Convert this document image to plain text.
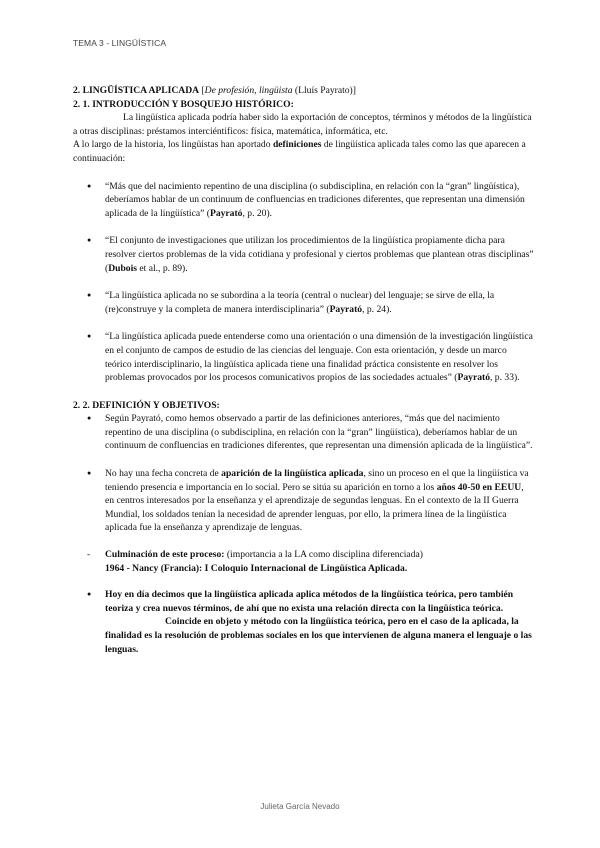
TEMA 3 - LINGÜÍSTICA

2. LINGÜÍSTICA APLICADA [De profesión, lingüista (Lluís Payrato)]

2. 1. INTRODUCCIÓN Y BOSQUEJO HISTÓRICO:

La lingüística aplicada podría haber sido la exportación de conceptos, términos y métodos de la lingüística a otras disciplinas: préstamos interciéntificos: física, matemática, informática, etc.

A lo largo de la historia, los lingüistas han aportado definiciones de lingüística aplicada tales como las que aparecen a continuación:

● “Más que del nacimiento repentino de una disciplina (o subdisciplina, en relación con la “gran” lingüística), deberíamos hablar de un continuum de confluencias en tradiciones diferentes, que representan una dimensión aplicada de la lingüística” (Payrató, p. 20).
● “El conjunto de investigaciones que utilizan los procedimientos de la lingüística propiamente dicha para resolver ciertos problemas de la vida cotidiana y profesional y ciertos problemas que plantean otras disciplinas” (Dubois et al., p. 89).
● “La lingüística aplicada no se subordina a la teoría (central o nuclear) del lenguaje; se sirve de ella, la (re)construye y la completa de manera interdisciplinaria” (Payrató, p. 24).
● “La lingüística aplicada puede entenderse como una orientación o una dimensión de la investigación lingüística en el conjunto de campos de estudio de las ciencias del lenguaje. Con esta orientación, y desde un marco teórico interdisciplinario, la lingüística aplicada tiene una finalidad práctica consistente en resolver los problemas provocados por los procesos comunicativos propios de las sociedades actuales” (Payrató, p. 33).

2. 2. DEFINICIÓN Y OBJETIVOS:

● Según Payrató, como hemos observado a partir de las definiciones anteriores, “más que del nacimiento repentino de una disciplina (o subdisciplina, en relación con la “gran” lingüística), deberíamos hablar de un continuum de confluencias en tradiciones diferentes, que representan una dimensión aplicada de la lingüística”.
● No hay una fecha concreta de aparición de la lingüística aplicada, sino un proceso en el que la lingüística va teniendo presencia e importancia en lo social. Pero se sitúa su aparición en torno a los años 40-50 en EEUU, en centros interesados por la enseñanza y el aprendizaje de segundas lenguas. En el contexto de la II Guerra Mundial, los soldados tenían la necesidad de aprender lenguas, por ello, la primera línea de la lingüística aplicada fue la enseñanza y aprendizaje de lenguas.
- Culminación de este proceso: (importancia a la LA como disciplina diferenciada)
1964 - Nancy (Francia): I Coloquio Internacional de Lingüística Aplicada.
● Hoy en día decimos que la lingüística aplicada aplica métodos de la lingüística teórica, pero también teoriza y crea nuevos términos, de ahí que no exista una relación directa con la lingüística teórica.
Coincide en objeto y método con la lingüística teórica, pero en el caso de la aplicada, la finalidad es la resolución de problemas sociales en los que intervienen de alguna manera el lenguaje o las lenguas.
Julieta García Nevado
